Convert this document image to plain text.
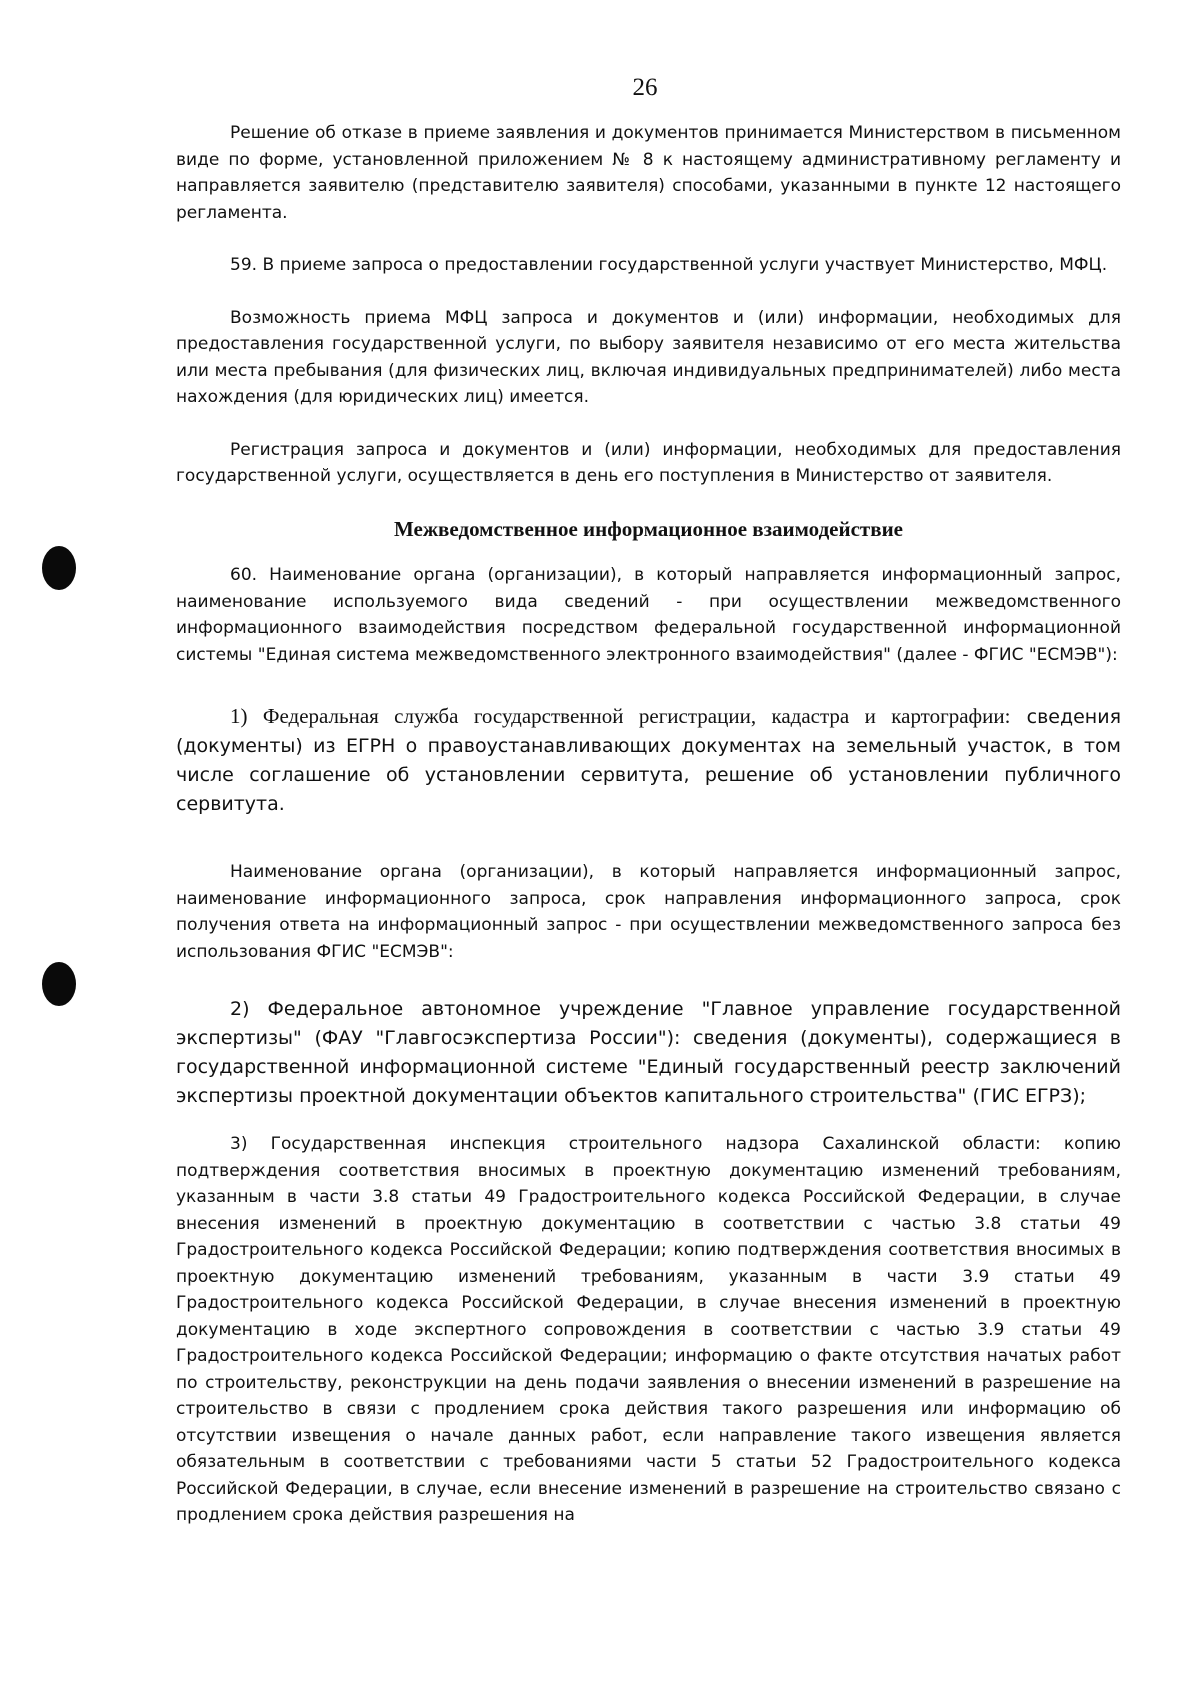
26

Решение об отказе в приеме заявления и документов принимается Министерством в письменном виде по форме, установленной приложением № 8 к настоящему административному регламенту и направляется заявителю (представителю заявителя) способами, указанными в пункте 12 настоящего регламента.

59. В приеме запроса о предоставлении государственной услуги участвует Министерство, МФЦ.

Возможность приема МФЦ запроса и документов и (или) информации, необходимых для предоставления государственной услуги, по выбору заявителя независимо от его места жительства или места пребывания (для физических лиц, включая индивидуальных предпринимателей) либо места нахождения (для юридических лиц) имеется.

Регистрация запроса и документов и (или) информации, необходимых для предоставления государственной услуги, осуществляется в день его поступления в Министерство от заявителя.

Межведомственное информационное взаимодействие

60. Наименование органа (организации), в который направляется информационный запрос, наименование используемого вида сведений - при осуществлении межведомственного информационного взаимодействия посредством федеральной государственной информационной системы "Единая система межведомственного электронного взаимодействия" (далее - ФГИС "ЕСМЭВ"):

1) Федеральная служба государственной регистрации, кадастра и картографии: сведения (документы) из ЕГРН о правоустанавливающих документах на земельный участок, в том числе соглашение об установлении сервитута, решение об установлении публичного сервитута.

Наименование органа (организации), в который направляется информационный запрос, наименование информационного запроса, срок направления информационного запроса, срок получения ответа на информационный запрос - при осуществлении межведомственного запроса без использования ФГИС "ЕСМЭВ":

2) Федеральное автономное учреждение "Главное управление государственной экспертизы" (ФАУ "Главгосэкспертиза России"): сведения (документы), содержащиеся в государственной информационной системе "Единый государственный реестр заключений экспертизы проектной документации объектов капитального строительства" (ГИС ЕГРЗ);

3) Государственная инспекция строительного надзора Сахалинской области: копию подтверждения соответствия вносимых в проектную документацию изменений требованиям, указанным в части 3.8 статьи 49 Градостроительного кодекса Российской Федерации, в случае внесения изменений в проектную документацию в соответствии с частью 3.8 статьи 49 Градостроительного кодекса Российской Федерации; копию подтверждения соответствия вносимых в проектную документацию изменений требованиям, указанным в части 3.9 статьи 49 Градостроительного кодекса Российской Федерации, в случае внесения изменений в проектную документацию в ходе экспертного сопровождения в соответствии с частью 3.9 статьи 49 Градостроительного кодекса Российской Федерации; информацию о факте отсутствия начатых работ по строительству, реконструкции на день подачи заявления о внесении изменений в разрешение на строительство в связи с продлением срока действия такого разрешения или информацию об отсутствии извещения о начале данных работ, если направление такого извещения является обязательным в соответствии с требованиями части 5 статьи 52 Градостроительного кодекса Российской Федерации, в случае, если внесение изменений в разрешение на строительство связано с продлением срока действия разрешения на
